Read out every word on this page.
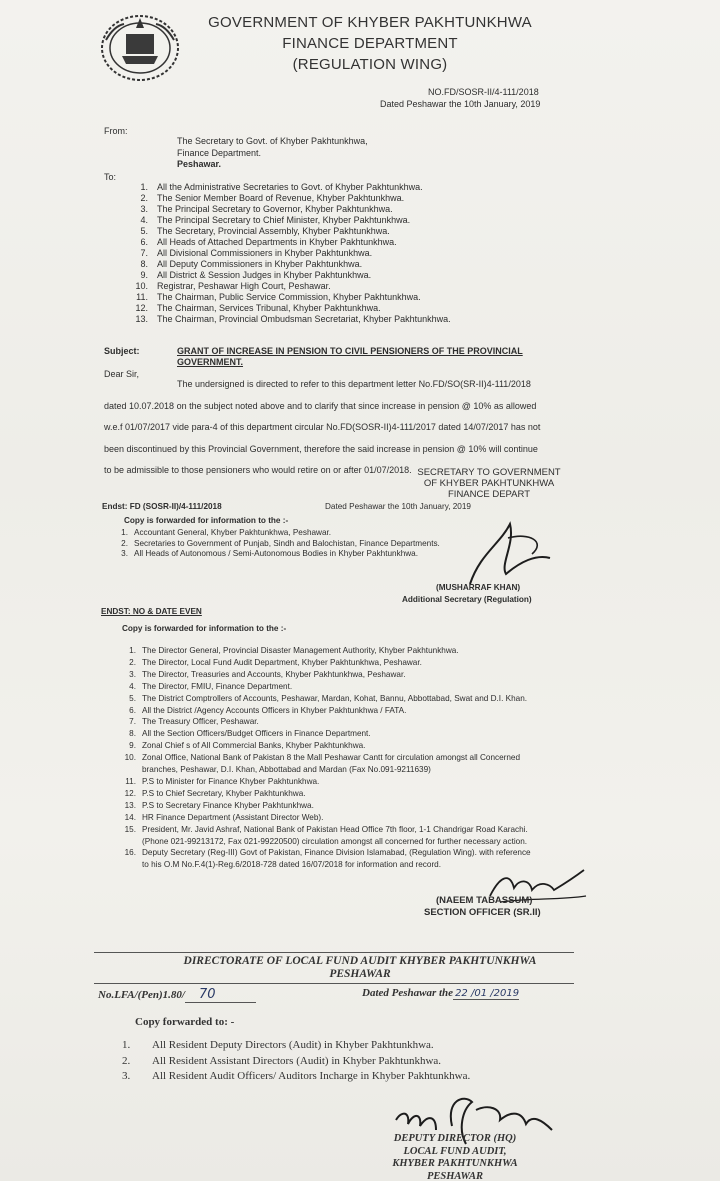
GOVERNMENT OF KHYBER PAKHTUNKHWA
FINANCE DEPARTMENT
(REGULATION WING)
NO.FD/SOSR-II/4-111/2018
Dated Peshawar the 10th January, 2019
From:
The Secretary to Govt. of Khyber Pakhtunkhwa,
Finance Department.
Peshawar.
To:
1. All the Administrative Secretaries to Govt. of Khyber Pakhtunkhwa.
2. The Senior Member Board of Revenue, Khyber Pakhtunkhwa.
3. The Principal Secretary to Governor, Khyber Pakhtunkhwa.
4. The Principal Secretary to Chief Minister, Khyber Pakhtunkhwa.
5. The Secretary, Provincial Assembly, Khyber Pakhtunkhwa.
6. All Heads of Attached Departments in Khyber Pakhtunkhwa.
7. All Divisional Commissioners in Khyber Pakhtunkhwa.
8. All Deputy Commissioners in Khyber Pakhtunkhwa.
9. All District & Session Judges in Khyber Pakhtunkhwa.
10. Registrar, Peshawar High Court, Peshawar.
11. The Chairman, Public Service Commission, Khyber Pakhtunkhwa.
12. The Chairman, Services Tribunal, Khyber Pakhtunkhwa.
13. The Chairman, Provincial Ombudsman Secretariat, Khyber Pakhtunkhwa.
Subject:	GRANT OF INCREASE IN PENSION TO CIVIL PENSIONERS OF THE PROVINCIAL
GOVERNMENT.
Dear Sir,
The undersigned is directed to refer to this department letter No.FD/SO(SR-II)4-111/2018
dated 10.07.2018 on the subject noted above and to clarify that since increase in pension @ 10% as allowed
w.e.f 01/07/2017 vide para-4 of this department circular No.FD(SOSR-II)4-111/2017 dated 14/07/2017 has not
been discontinued by this Provincial Government, therefore the said increase in pension @ 10% will continue
to be admissible to those pensioners who would retire on or after 01/07/2018. SECRETARY TO GOVERNMENT
OF KHYBER PAKHTUNKHWA
FINANCE DEPART
Endst: FD (SOSR-II)/4-111/2018	Dated Peshawar the 10th January, 2019
Copy is forwarded for information to the :-
1. Accountant General, Khyber Pakhtunkhwa, Peshawar.
2. Secretaries to Government of Punjab, Sindh and Balochistan, Finance Departments.
3. All Heads of Autonomous / Semi-Autonomous Bodies in Khyber Pakhtunkhwa.
(MUSHARRAF KHAN)
Additional Secretary (Regulation)
ENDST: NO & DATE EVEN
Copy is forwarded for information to the :-
1. The Director General, Provincial Disaster Management Authority, Khyber Pakhtunkhwa.
2. The Director, Local Fund Audit Department, Khyber Pakhtunkhwa, Peshawar.
3. The Director, Treasuries and Accounts, Khyber Pakhtunkhwa, Peshawar.
4. The Director, FMIU, Finance Department.
5. The District Comptrollers of Accounts, Peshawar, Mardan, Kohat, Bannu, Abbottabad, Swat and D.I. Khan.
6. All the District /Agency Accounts Officers in Khyber Pakhtunkhwa / FATA.
7. The Treasury Officer, Peshawar.
8. All the Section Officers/Budget Officers in Finance Department.
9. Zonal Chief s of All Commercial Banks, Khyber Pakhtunkhwa.
10. Zonal Office, National Bank of Pakistan 8 the Mall Peshawar Cantt for circulation amongst all Concerned
branches, Peshawar, D.I. Khan, Abbottabad and Mardan (Fax No.091-9211639)
11. P.S to Minister for Finance Khyber Pakhtunkhwa.
12. P.S to Chief Secretary, Khyber Pakhtunkhwa.
13. P.S to Secretary Finance Khyber Pakhtunkhwa.
14. HR Finance Department (Assistant Director Web).
15. President, Mr. Javid Ashraf, National Bank of Pakistan Head Office 7th floor, 1-1 Chandrigar Road Karachi.
(Phone 021-99213172, Fax 021-99220500) circulation amongst all concerned for further necessary action.
16. Deputy Secretary (Reg-III) Govt of Pakistan, Finance Division Islamabad, (Regulation Wing). with reference
to his O.M No.F.4(1)-Reg.6/2018-728 dated 16/07/2018 for information and record.
(NAEEM TABASSUM)
SECTION OFFICER (SR.II)
DIRECTORATE OF LOCAL FUND AUDIT KHYBER PAKHTUNKHWA
PESHAWAR
No.LFA/(Pen)1.80/ 70	Dated Peshawar the 22 /01 /2019
Copy forwarded to: -
1. All Resident Deputy Directors (Audit) in Khyber Pakhtunkhwa.
2. All Resident Assistant Directors (Audit) in Khyber Pakhtunkhwa.
3. All Resident Audit Officers/ Auditors Incharge in Khyber Pakhtunkhwa.
DEPUTY DIRECTOR (HQ)
LOCAL FUND AUDIT,
KHYBER PAKHTUNKHWA
PESHAWAR
